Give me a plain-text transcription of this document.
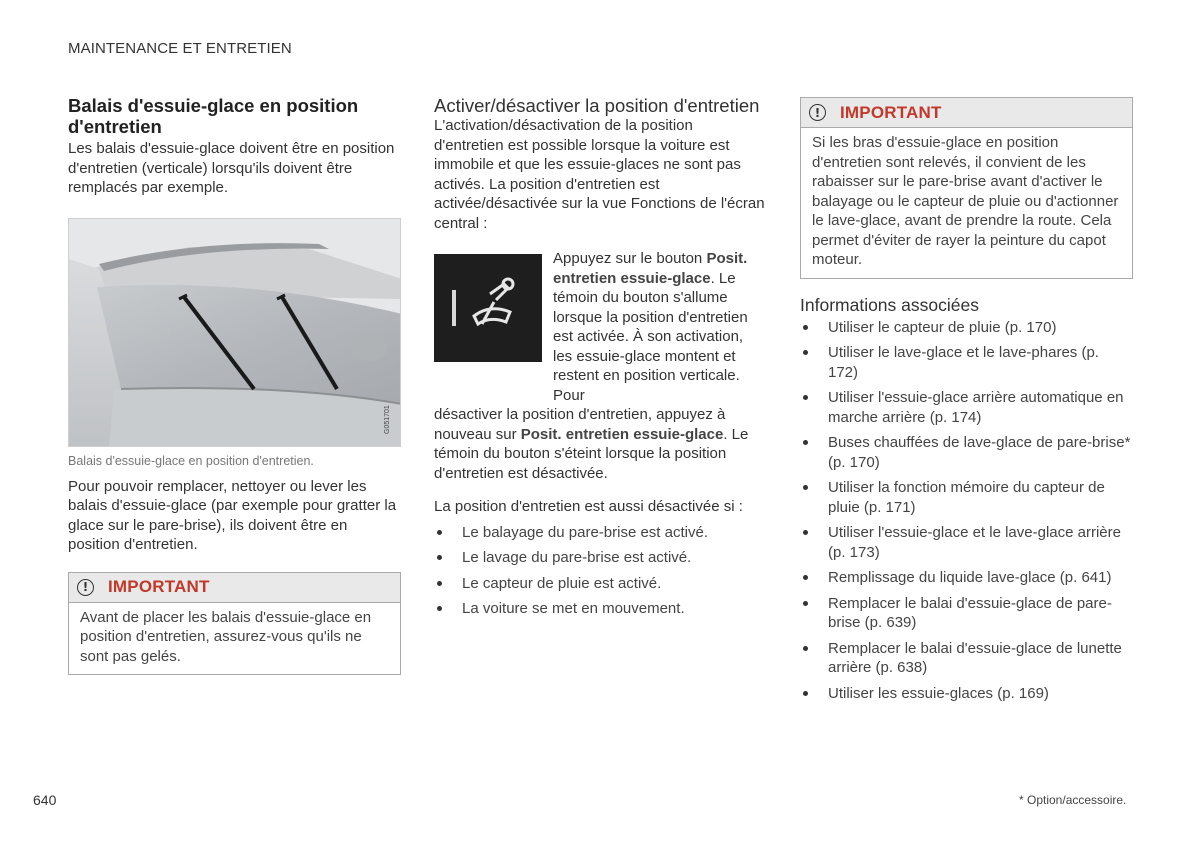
MAINTENANCE ET ENTRETIEN
Balais d'essuie-glace en position d'entretien

Les balais d'essuie-glace doivent être en position d'entretien (verticale) lorsqu'ils doivent être remplacés par exemple.

G051701
Balais d'essuie-glace en position d'entretien.

Pour pouvoir remplacer, nettoyer ou lever les balais d'essuie-glace (par exemple pour gratter la glace sur le pare-brise), ils doivent être en position d'entretien.

!	IMPORTANT

Avant de placer les balais d'essuie-glace en position d'entretien, assurez-vous qu'ils ne sont pas gelés.

Activer/désactiver la position d'entretien

L'activation/désactivation de la position d'entretien est possible lorsque la voiture est immobile et que les essuie-glaces ne sont pas activés. La position d'entretien est activée/désactivée sur la vue Fonctions de l'écran central :

Appuyez sur le bouton Posit. entretien essuie-glace. Le témoin du bouton s'allume lorsque la position d'entretien est activée. À son activation, les essuie-glace montent et restent en position verticale. Pour

désactiver la position d'entretien, appuyez à nouveau sur Posit. entretien essuie-glace. Le témoin du bouton s'éteint lorsque la position d'entretien est désactivée.

La position d'entretien est aussi désactivée si :

Le balayage du pare-brise est activé.
Le lavage du pare-brise est activé.
Le capteur de pluie est activé.
La voiture se met en mouvement.
!	IMPORTANT

Si les bras d'essuie-glace en position d'entretien sont relevés, il convient de les rabaisser sur le pare-brise avant d'activer le balayage ou le capteur de pluie ou d'actionner le lave-glace, avant de prendre la route. Cela permet d'éviter de rayer la peinture du capot moteur.

Informations associées
Utiliser le capteur de pluie (p. 170)
Utiliser le lave-glace et le lave-phares (p. 172)
Utiliser l'essuie-glace arrière automatique en marche arrière (p. 174)
Buses chauffées de lave-glace de pare-brise* (p. 170)
Utiliser la fonction mémoire du capteur de pluie (p. 171)
Utiliser l'essuie-glace et le lave-glace arrière (p. 173)
Remplissage du liquide lave-glace (p. 641)
Remplacer le balai d'essuie-glace de pare-brise (p. 639)
Remplacer le balai d'essuie-glace de lunette arrière (p. 638)
Utiliser les essuie-glaces (p. 169)
640	* Option/accessoire.
